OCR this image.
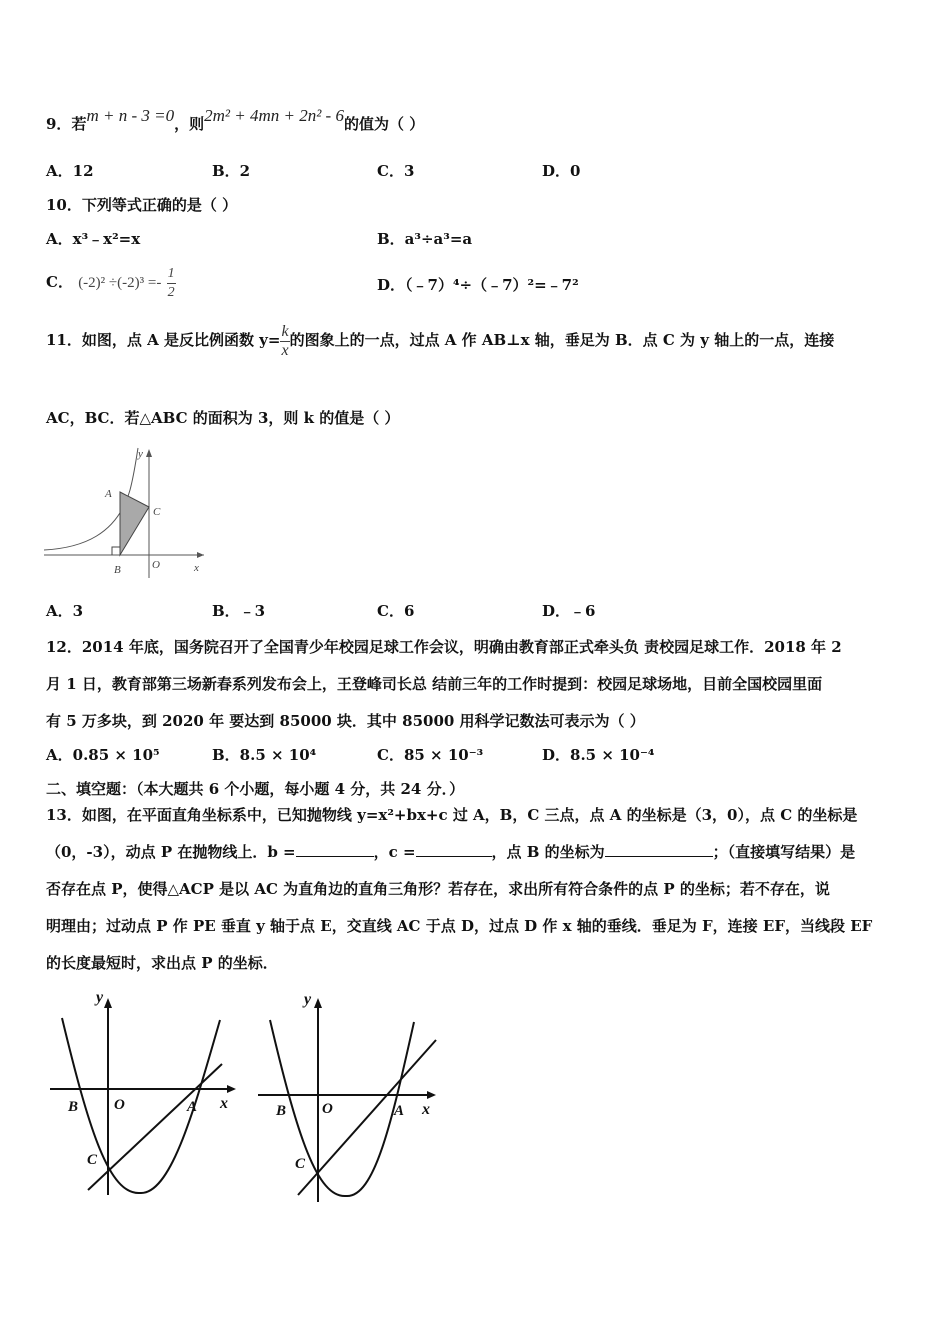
9．若m + n - 3 =0，则2m² + 4mn + 2n² - 6的值为（ ）
A．12	B．2	C．3	D．0
10．下列等式正确的是（ ）
A．x³﹣x²=x	B．a³÷a³=a
C． $(-2)^2 \div(-2)^3 =- \frac{1}{2}$	D．（﹣7）⁴÷（﹣7）²=﹣7²
11．如图，点 A 是反比例函数 $y= \frac{k}{x}$ 的图象上的一点，过点 A 作 AB⊥x 轴，垂足为 B．点 C 为 y 轴上的一点，连接
AC，BC．若△ABC 的面积为 3，则 k 的值是（ ）
y
x
A
B
C
O
A．3	B．﹣3	C．6	D．﹣6
12．2014 年底，国务院召开了全国青少年校园足球工作会议，明确由教育部正式牵头负 责校园足球工作．2018 年 2
月 1 日，教育部第三场新春系列发布会上，王登峰司长总 结前三年的工作时提到：校园足球场地，目前全国校园里面
有 5 万多块，到 2020 年 要达到 85000 块．其中 85000 用科学记数法可表示为（ ）
A．0.85 × 10⁵	B．8.5 × 10⁴	C．85 × 10⁻³	D．8.5 × 10⁻⁴
二、填空题：（本大题共 6 个小题，每小题 4 分，共 24 分．）
13．如图，在平面直角坐标系中，已知抛物线 y=x²+bx+c 过 A，B，C 三点，点 A 的坐标是（3，0），点 C 的坐标是
（0，-3），动点 P 在抛物线上．b =	，c =	，点 B 的坐标为	；（直接填写结果）是
否存在点 P，使得△ACP 是以 AC 为直角边的直角三角形？若存在，求出所有符合条件的点 P 的坐标；若不存在，说
明理由；过动点 P 作 PE 垂直 y 轴于点 E，交直线 AC 于点 D，过点 D 作 x 轴的垂线．垂足为 F，连接 EF，当线段 EF
的长度最短时，求出点 P 的坐标．
y
x
B O	A
C
y
x
B O	A
C
